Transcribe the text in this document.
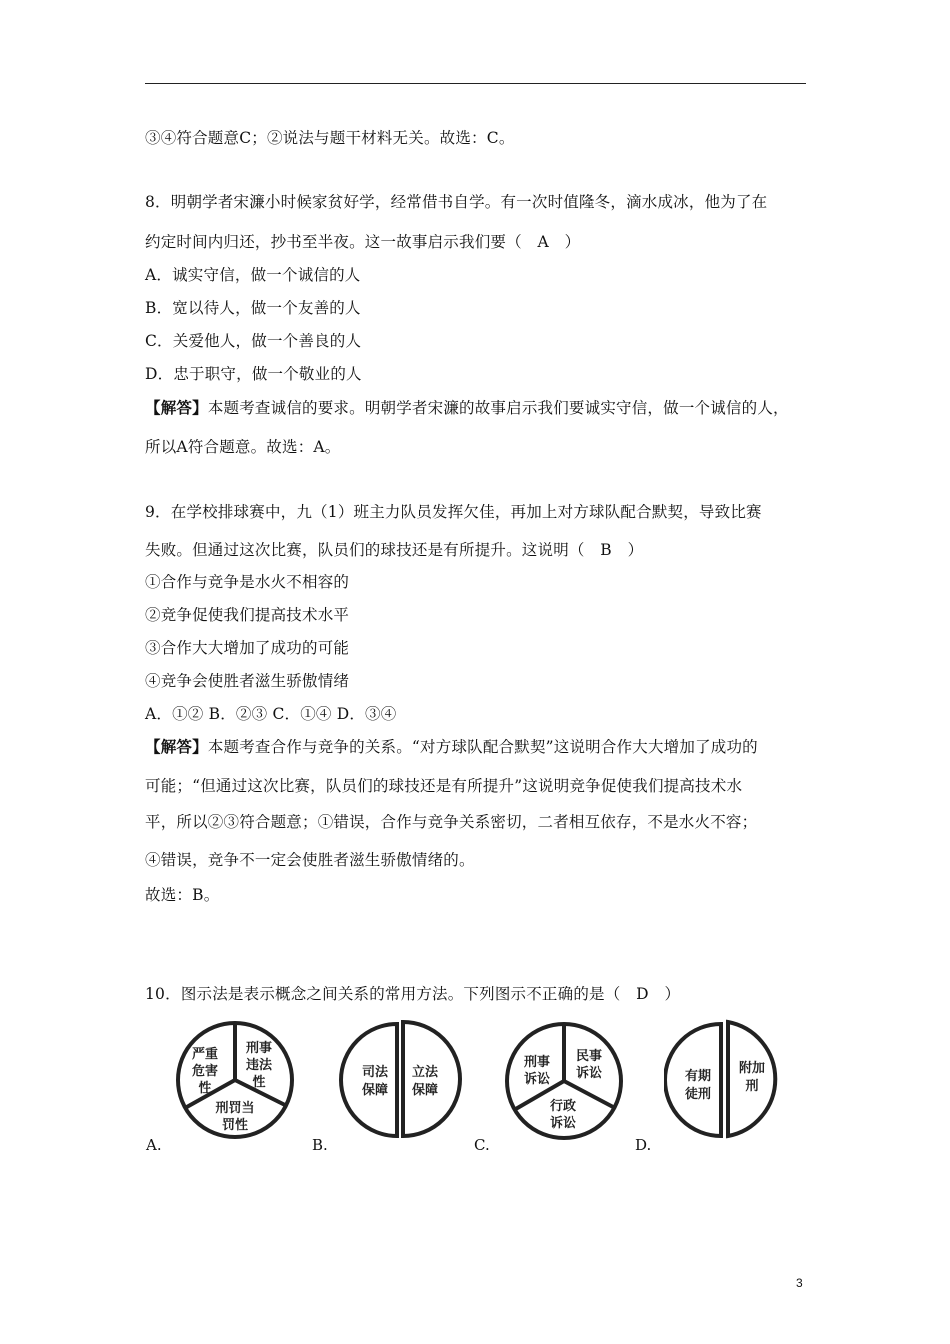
③④符合题意C；②说法与题干材料无关。故选：C。
8．明朝学者宋濂小时候家贫好学，经常借书自学。有一次时值隆冬，滴水成冰，他为了在
约定时间内归还，抄书至半夜。这一故事启示我们要（　A　）
A．诚实守信，做一个诚信的人
B．宽以待人，做一个友善的人
C．关爱他人，做一个善良的人
D．忠于职守，做一个敬业的人
【解答】本题考查诚信的要求。明朝学者宋濂的故事启示我们要诚实守信，做一个诚信的人，
所以A符合题意。故选：A。
9．在学校排球赛中，九（1）班主力队员发挥欠佳，再加上对方球队配合默契，导致比赛
失败。但通过这次比赛，队员们的球技还是有所提升。这说明（　B　）
①合作与竞争是水火不相容的
②竞争促使我们提高技术水平
③合作大大增加了成功的可能
④竞争会使胜者滋生骄傲情绪
A．①② B．②③ C．①④ D．③④
【解答】本题考查合作与竞争的关系。“对方球队配合默契”这说明合作大大增加了成功的
可能；“但通过这次比赛，队员们的球技还是有所提升”这说明竞争促使我们提高技术水
平，所以②③符合题意；①错误，合作与竞争关系密切，二者相互依存，不是水火不容；
④错误，竞争不一定会使胜者滋生骄傲情绪的。
故选：B。
10．图示法是表示概念之间关系的常用方法。下列图示不正确的是（　D　）
严重
危害
性
刑事
违法
性
刑罚当
罚性
A.
司法
保障
立法
保障
B.
刑事
诉讼
民事
诉讼
行政
诉讼
C.
有期
徒刑
附加
刑
D.
3
